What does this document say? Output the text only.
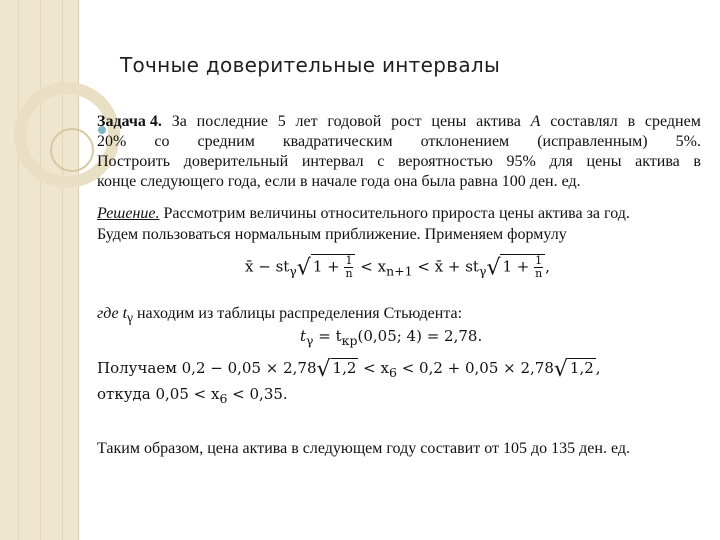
Точные доверительные интервалы
Задача 4. За последние 5 лет годовой рост цены актива А составлял в среднем
20% со средним квадратическим отклонением (исправленным) 5%.
Построить доверительный интервал с вероятностью 95% для цены актива в
конце следующего года, если в начале года она была равна 100 ден. ед.
Решение. Рассмотрим величины относительного прироста цены актива за год.
Будем пользоваться нормальным приближение. Применяем формулу
x̄ − $st_\gamma√$ $1 + \frac{1}{n} < x_{n+1}$ < x̄ + $st_\gamma√$ $1 + \frac{1}{n}$ ,
где $t_\gamma$ находим из таблицы распределения Стьюдента:
$t_\gamma = t_{кр}(0,05$; 4) = 2,78.
Получаем 0,2 − 0,05 × 2,78√ $1,2 < x_6 < 0,2 + 0,05 \times 2,78√$ 1,2 ,
откуда $0,05 < x_6 < 0,35$.
Таким образом, цена актива в следующем году составит от 105 до 135 ден. ед.
